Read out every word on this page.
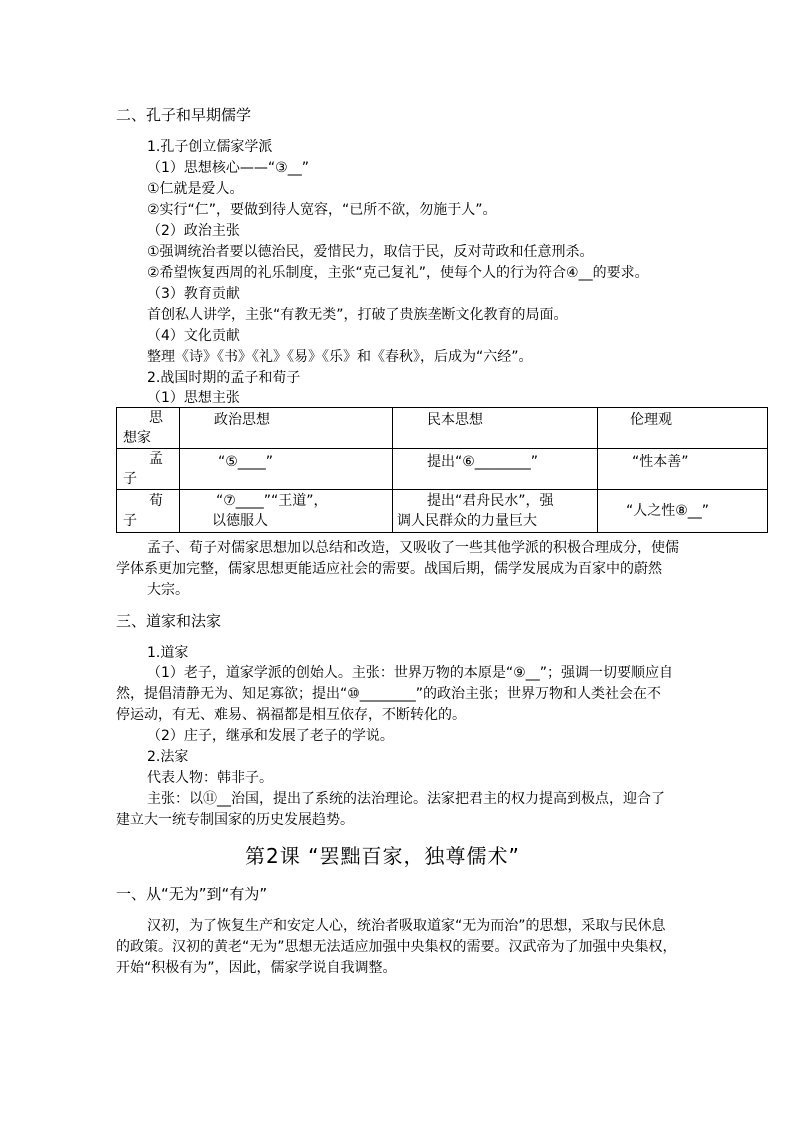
二、孔子和早期儒学
1.孔子创立儒家学派
（1）思想核心——“③__”
①仁就是爱人。
②实行“仁”，要做到待人宽容，“已所不欲，勿施于人”。
（2）政治主张
①强调统治者要以德治民，爱惜民力，取信于民，反对苛政和任意刑杀。
②希望恢复西周的礼乐制度，主张“克己复礼”，使每个人的行为符合④__的要求。
（3）教育贡献
首创私人讲学，主张“有教无类”，打破了贵族垄断文化教育的局面。
（4）文化贡献
整理《诗》《书》《礼》《易》《乐》和《春秋》，后成为“六经”。
2.战国时期的孟子和荀子
（1）思想主张
思
想家	政治思想	民本思想	伦理观

孟
子	“⑤____”	提出“⑥________”	“性本善”

荀
子	“⑦____”“王道”，
以德服人	提出“君舟民水”，强
调人民群众的力量巨大	“人之性⑧__”
孟子、荀子对儒家思想加以总结和改造，又吸收了一些其他学派的积极合理成分，使儒
学体系更加完整，儒家思想更能适应社会的需要。战国后期，儒学发展成为百家中的蔚然
大宗。
三、道家和法家
1.道家
（1）老子，道家学派的创始人。主张：世界万物的本原是“⑨__”；强调一切要顺应自
然，提倡清静无为、知足寡欲；提出“⑩________”的政治主张；世界万物和人类社会在不
停运动，有无、难易、祸福都是相互依存，不断转化的。
（2）庄子，继承和发展了老子的学说。
2.法家
代表人物：韩非子。
主张：以⑪__治国，提出了系统的法治理论。法家把君主的权力提高到极点，迎合了
建立大一统专制国家的历史发展趋势。
第2课 “罢黜百家，独尊儒术”
一、从“无为”到“有为”
汉初，为了恢复生产和安定人心，统治者吸取道家“无为而治”的思想，采取与民休息
的政策。汉初的黄老“无为”思想无法适应加强中央集权的需要。汉武帝为了加强中央集权，
开始“积极有为”，因此，儒家学说自我调整。
